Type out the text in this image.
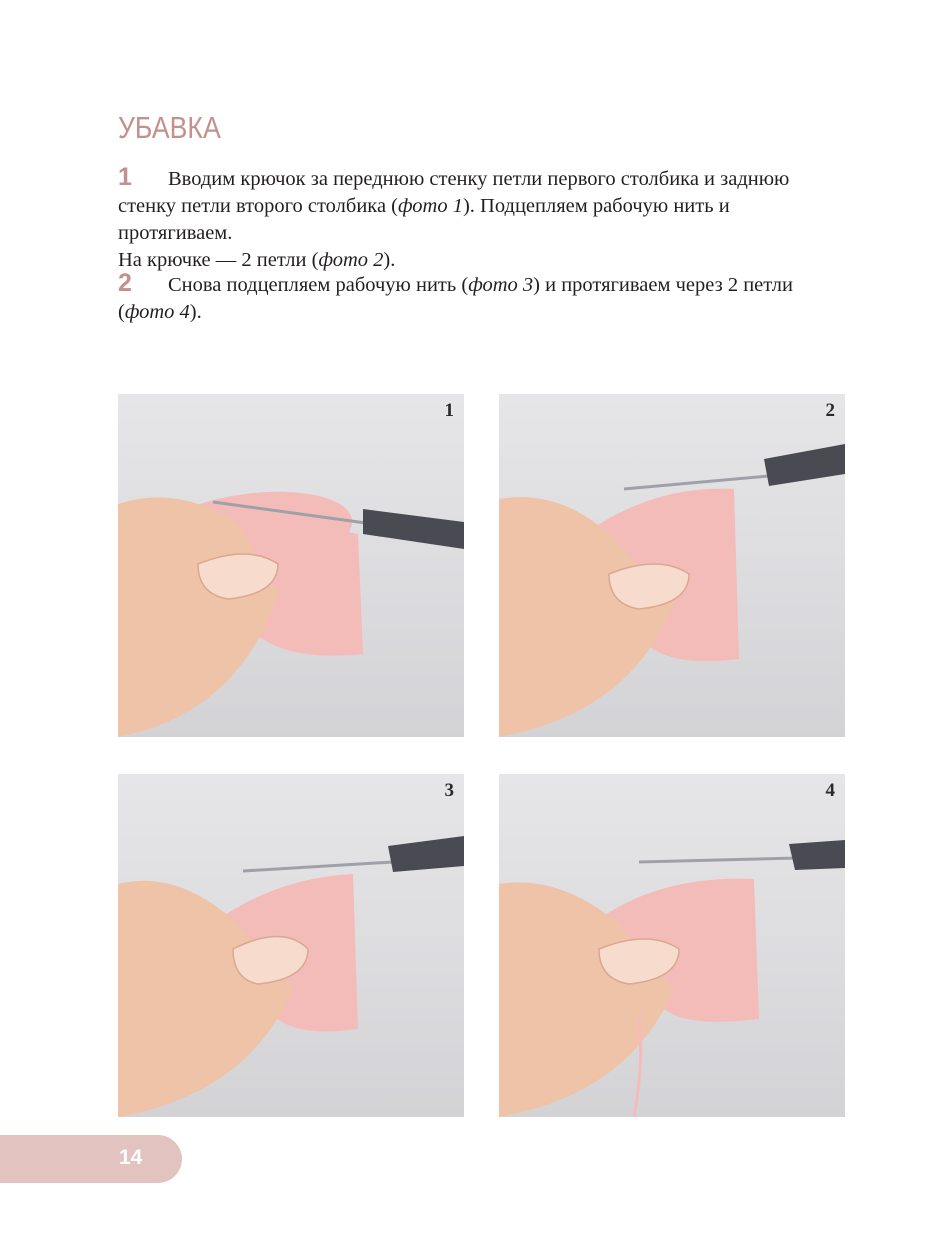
УБАВКА
1 Вводим крючок за переднюю стенку петли первого столбика и заднюю стенку петли второго столбика (фото 1). Подцепляем рабочую нить и протягиваем.
На крючке — 2 петли (фото 2).
2 Снова подцепляем рабочую нить (фото 3) и протягиваем через 2 петли (фото 4).
1	2
3	4
14
